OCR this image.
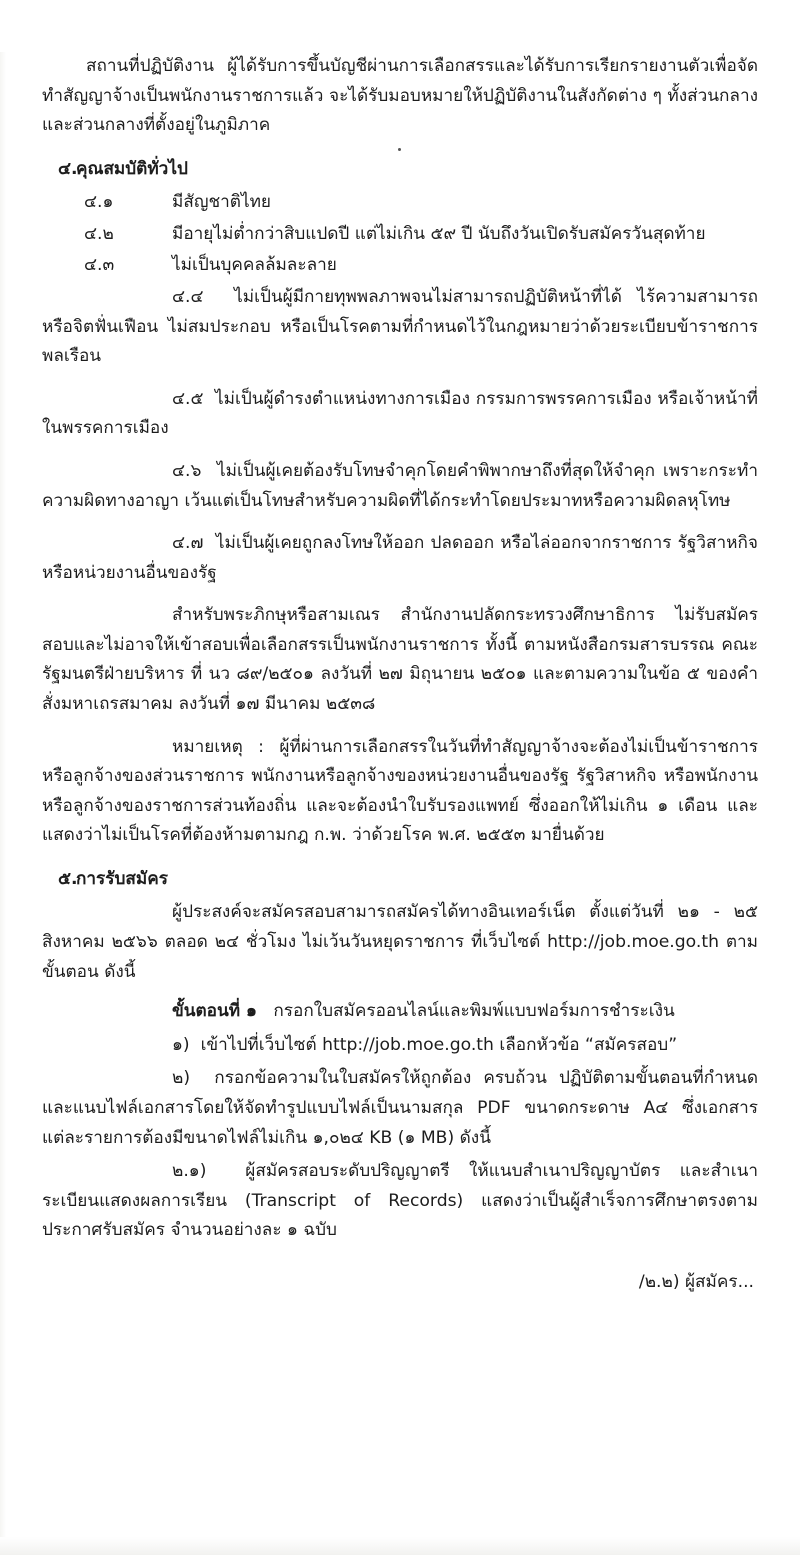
สถานที่ปฏิบัติงาน ผู้ได้รับการขึ้นบัญชีผ่านการเลือกสรรและได้รับการเรียกรายงานตัวเพื่อจัดทำสัญญาจ้างเป็นพนักงานราชการแล้ว จะได้รับมอบหมายให้ปฏิบัติงานในสังกัดต่าง ๆ ทั้งส่วนกลางและส่วนกลางที่ตั้งอยู่ในภูมิภาค

๔.คุณสมบัติทั่วไป

๔.๑	มีสัญชาติไทย

๔.๒	มีอายุไม่ต่ำกว่าสิบแปดปี แต่ไม่เกิน ๕๙ ปี นับถึงวันเปิดรับสมัครวันสุดท้าย

๔.๓	ไม่เป็นบุคคลล้มละลาย

๔.๔ ไม่เป็นผู้มีกายทุพพลภาพจนไม่สามารถปฏิบัติหน้าที่ได้ ไร้ความสามารถหรือจิตฟั่นเฟือน ไม่สมประกอบ หรือเป็นโรคตามที่กำหนดไว้ในกฎหมายว่าด้วยระเบียบข้าราชการพลเรือน

๔.๕ ไม่เป็นผู้ดำรงตำแหน่งทางการเมือง กรรมการพรรคการเมือง หรือเจ้าหน้าที่ในพรรคการเมือง

๔.๖ ไม่เป็นผู้เคยต้องรับโทษจำคุกโดยคำพิพากษาถึงที่สุดให้จำคุก เพราะกระทำความผิดทางอาญา เว้นแต่เป็นโทษสำหรับความผิดที่ได้กระทำโดยประมาทหรือความผิดลหุโทษ

๔.๗ ไม่เป็นผู้เคยถูกลงโทษให้ออก ปลดออก หรือไล่ออกจากราชการ รัฐวิสาหกิจ หรือหน่วยงานอื่นของรัฐ

สำหรับพระภิกษุหรือสามเณร สำนักงานปลัดกระทรวงศึกษาธิการ ไม่รับสมัครสอบและไม่อาจให้เข้าสอบเพื่อเลือกสรรเป็นพนักงานราชการ ทั้งนี้ ตามหนังสือกรมสารบรรณ คณะรัฐมนตรีฝ่ายบริหาร ที่ นว ๘๙/๒๕๐๑ ลงวันที่ ๒๗ มิถุนายน ๒๕๐๑ และตามความในข้อ ๕ ของคำสั่งมหาเถรสมาคม ลงวันที่ ๑๗ มีนาคม ๒๕๓๘

หมายเหตุ : ผู้ที่ผ่านการเลือกสรรในวันที่ทำสัญญาจ้างจะต้องไม่เป็นข้าราชการหรือลูกจ้างของส่วนราชการ พนักงานหรือลูกจ้างของหน่วยงานอื่นของรัฐ รัฐวิสาหกิจ หรือพนักงานหรือลูกจ้างของราชการส่วนท้องถิ่น และจะต้องนำใบรับรองแพทย์ ซึ่งออกให้ไม่เกิน ๑ เดือน และแสดงว่าไม่เป็นโรคที่ต้องห้ามตามกฎ ก.พ. ว่าด้วยโรค พ.ศ. ๒๕๕๓ มายื่นด้วย

๕.การรับสมัคร

ผู้ประสงค์จะสมัครสอบสามารถสมัครได้ทางอินเทอร์เน็ต ตั้งแต่วันที่ ๒๑ - ๒๕ สิงหาคม ๒๕๖๖ ตลอด ๒๔ ชั่วโมง ไม่เว้นวันหยุดราชการ ที่เว็บไซต์ http://job.moe.go.th ตามขั้นตอน ดังนี้

ขั้นตอนที่ ๑ กรอกใบสมัครออนไลน์และพิมพ์แบบฟอร์มการชำระเงิน

๑) เข้าไปที่เว็บไซต์ http://job.moe.go.th เลือกหัวข้อ “สมัครสอบ”

๒) กรอกข้อความในใบสมัครให้ถูกต้อง ครบถ้วน ปฏิบัติตามขั้นตอนที่กำหนดและแนบไฟล์เอกสารโดยให้จัดทำรูปแบบไฟล์เป็นนามสกุล PDF ขนาดกระดาษ A๔ ซึ่งเอกสารแต่ละรายการต้องมีขนาดไฟล์ไม่เกิน ๑,๐๒๔ KB (๑ MB) ดังนี้

๒.๑) ผู้สมัครสอบระดับปริญญาตรี ให้แนบสำเนาปริญญาบัตร และสำเนาระเบียนแสดงผลการเรียน (Transcript of Records) แสดงว่าเป็นผู้สำเร็จการศึกษาตรงตามประกาศรับสมัคร จำนวนอย่างละ ๑ ฉบับ

/๒.๒) ผู้สมัคร...
